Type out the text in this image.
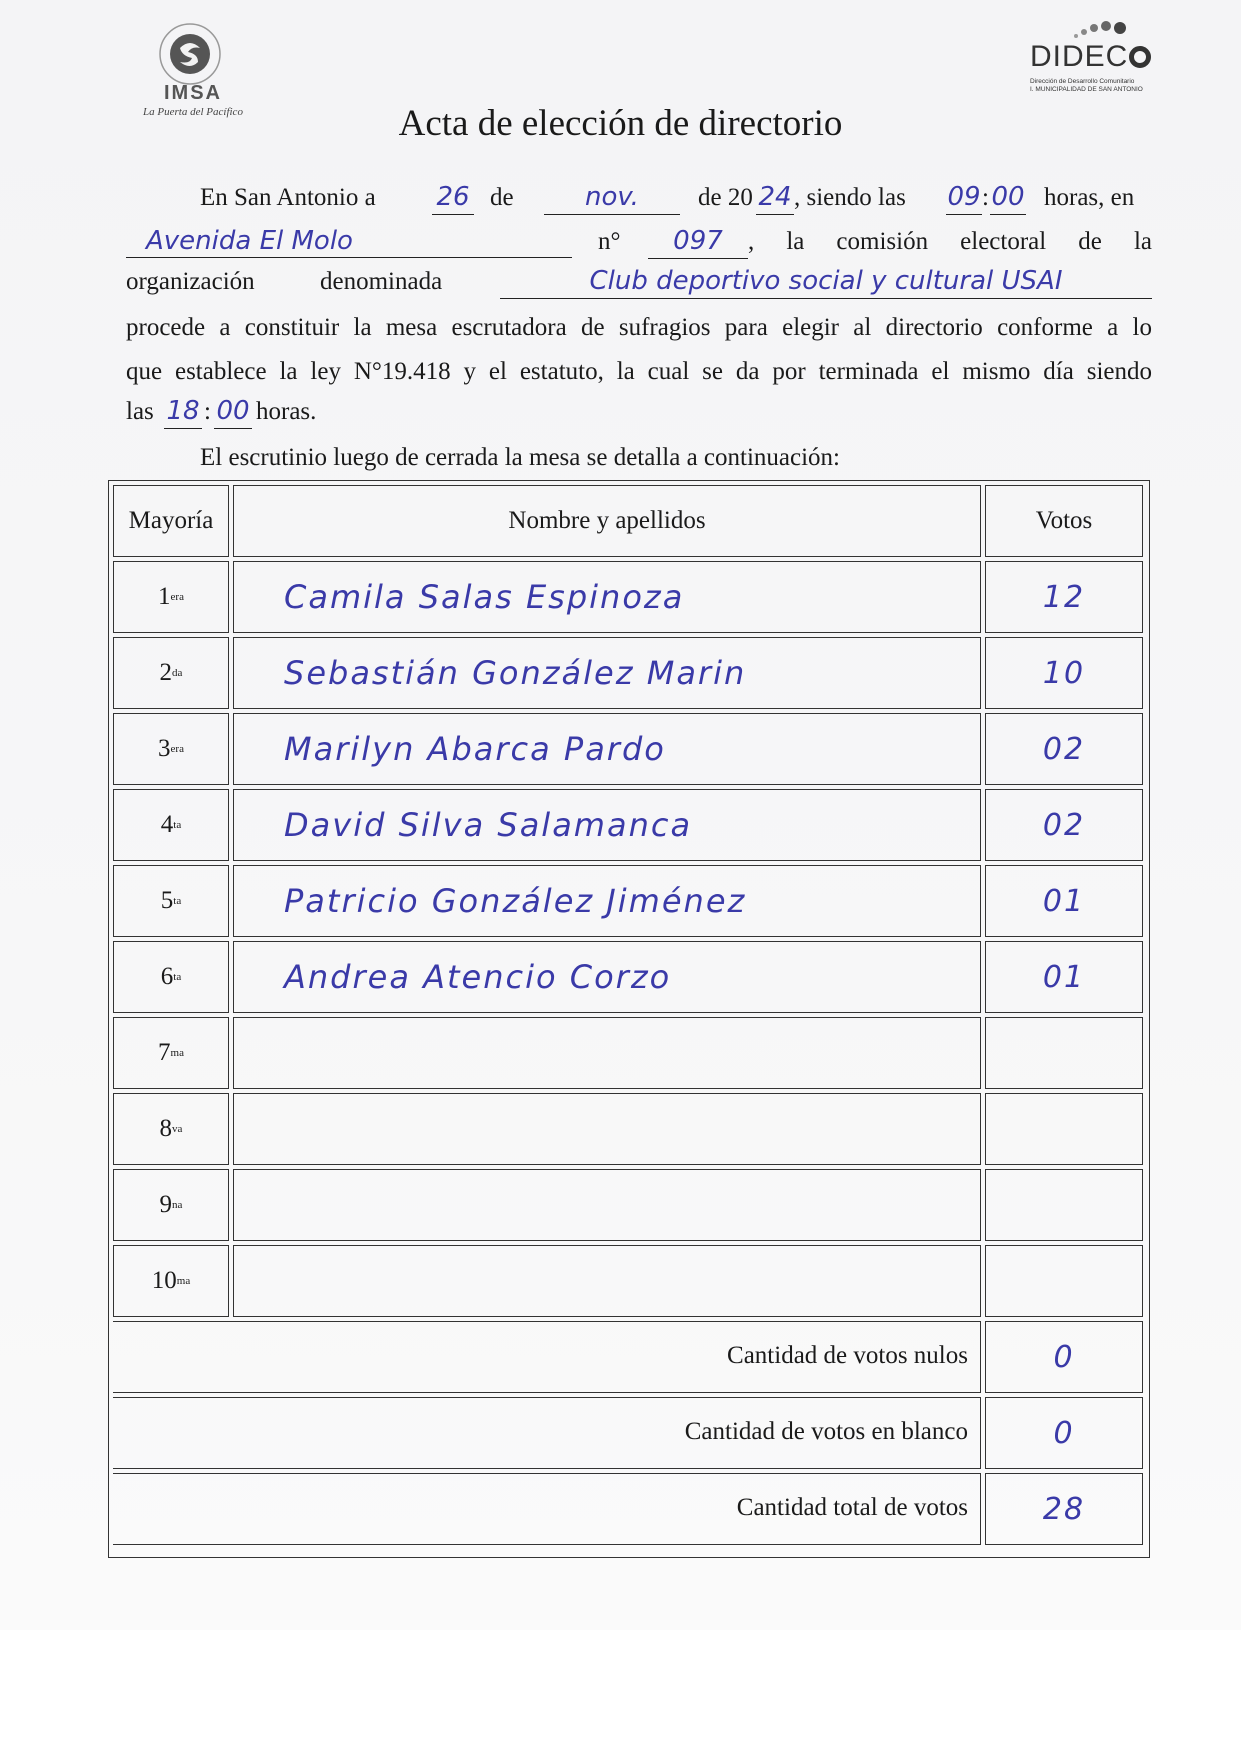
IMSA
La Puerta del Pacífico
DIDEC
Dirección de Desarrollo Comunitario
I. MUNICIPALIDAD DE SAN ANTONIO
Acta de elección de directorio
En San Antonio a 26 de	nov.	de 20 24 , siendo las 09 : 00 horas, en
Avenida El Molo	n°	097	, la comisión electoral de la
organización	denominada	Club deportivo social y cultural USAI
procede a constituir la mesa escrutadora de sufragios para elegir al directorio conforme a lo
que establece la ley N°19.418 y el estatuto, la cual se da por terminada el mismo día siendo
las 18 : 00 horas.
El escrutinio luego de cerrada la mesa se detalla a continuación:
Mayoría	Nombre y apellidos	Votos
1 era	Camila Salas Espinoza	12
2 da	Sebastián González Marin	10
3 era	Marilyn Abarca Pardo	02
4 ta	David Silva Salamanca	02
5 ta	Patricio González Jiménez	01
6 ta	Andrea Atencio Corzo	01
7 ma
8 va
9 na
10 ma
Cantidad de votos nulos	0
Cantidad de votos en blanco	0
Cantidad total de votos 28
